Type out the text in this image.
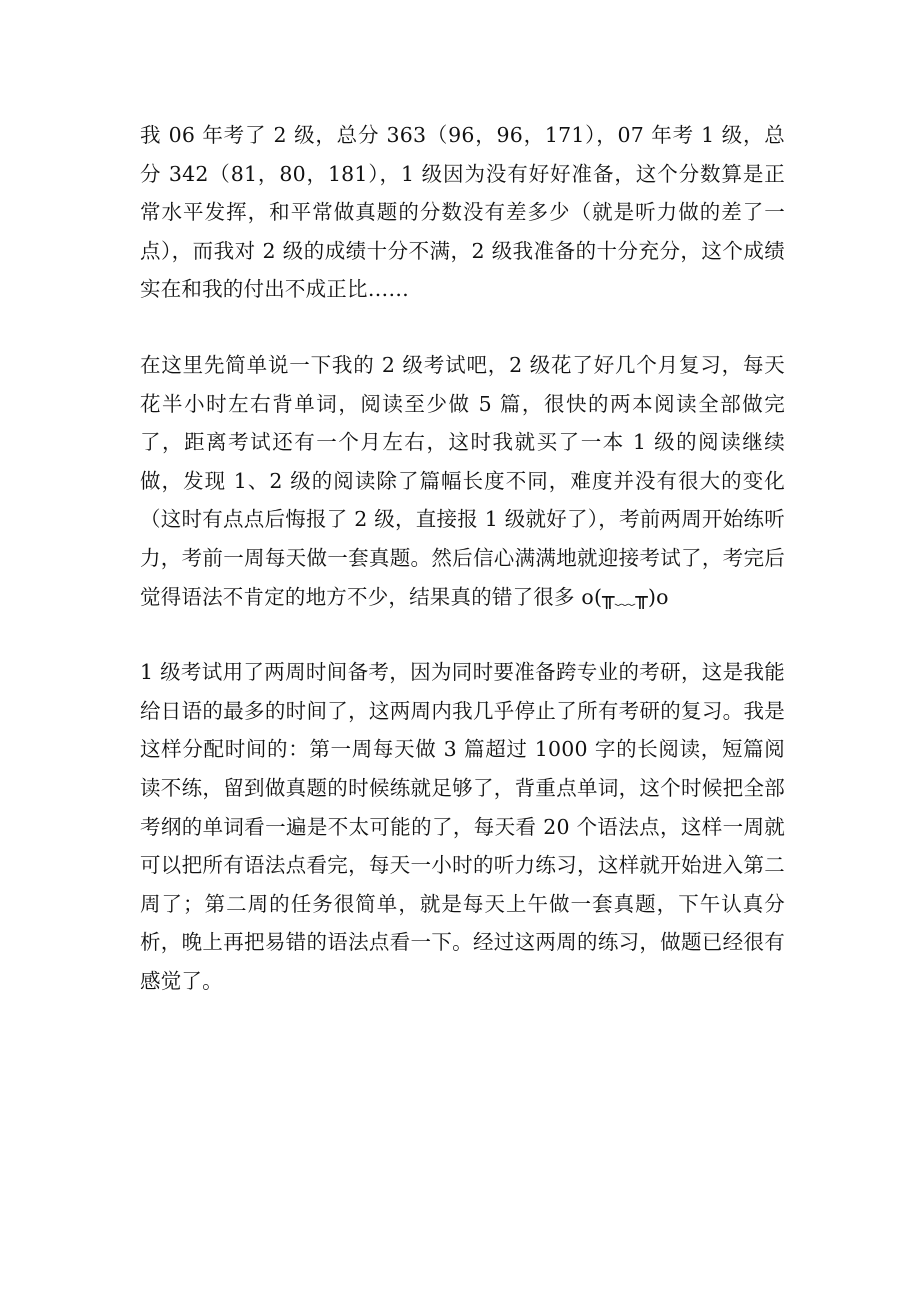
我 06 年考了 2 级，总分 363（96，96，171），07 年考 1 级，总分 342（81，80，181），1 级因为没有好好准备，这个分数算是正常水平发挥，和平常做真题的分数没有差多少（就是听力做的差了一点），而我对 2 级的成绩十分不满，2 级我准备的十分充分，这个成绩实在和我的付出不成正比……

在这里先简单说一下我的 2 级考试吧，2 级花了好几个月复习，每天花半小时左右背单词，阅读至少做 5 篇，很快的两本阅读全部做完了，距离考试还有一个月左右，这时我就买了一本 1 级的阅读继续做，发现 1、2 级的阅读除了篇幅长度不同，难度并没有很大的变化（这时有点点后悔报了 2 级，直接报 1 级就好了），考前两周开始练听力，考前一周每天做一套真题。然后信心满满地就迎接考试了，考完后觉得语法不肯定的地方不少，结果真的错了很多 o(╥﹏╥)o

1 级考试用了两周时间备考，因为同时要准备跨专业的考研，这是我能给日语的最多的时间了，这两周内我几乎停止了所有考研的复习。我是这样分配时间的：第一周每天做 3 篇超过 1000 字的长阅读，短篇阅读不练，留到做真题的时候练就足够了，背重点单词，这个时候把全部考纲的单词看一遍是不太可能的了，每天看 20 个语法点，这样一周就可以把所有语法点看完，每天一小时的听力练习，这样就开始进入第二周了；第二周的任务很简单，就是每天上午做一套真题，下午认真分析，晚上再把易错的语法点看一下。经过这两周的练习，做题已经很有感觉了。
